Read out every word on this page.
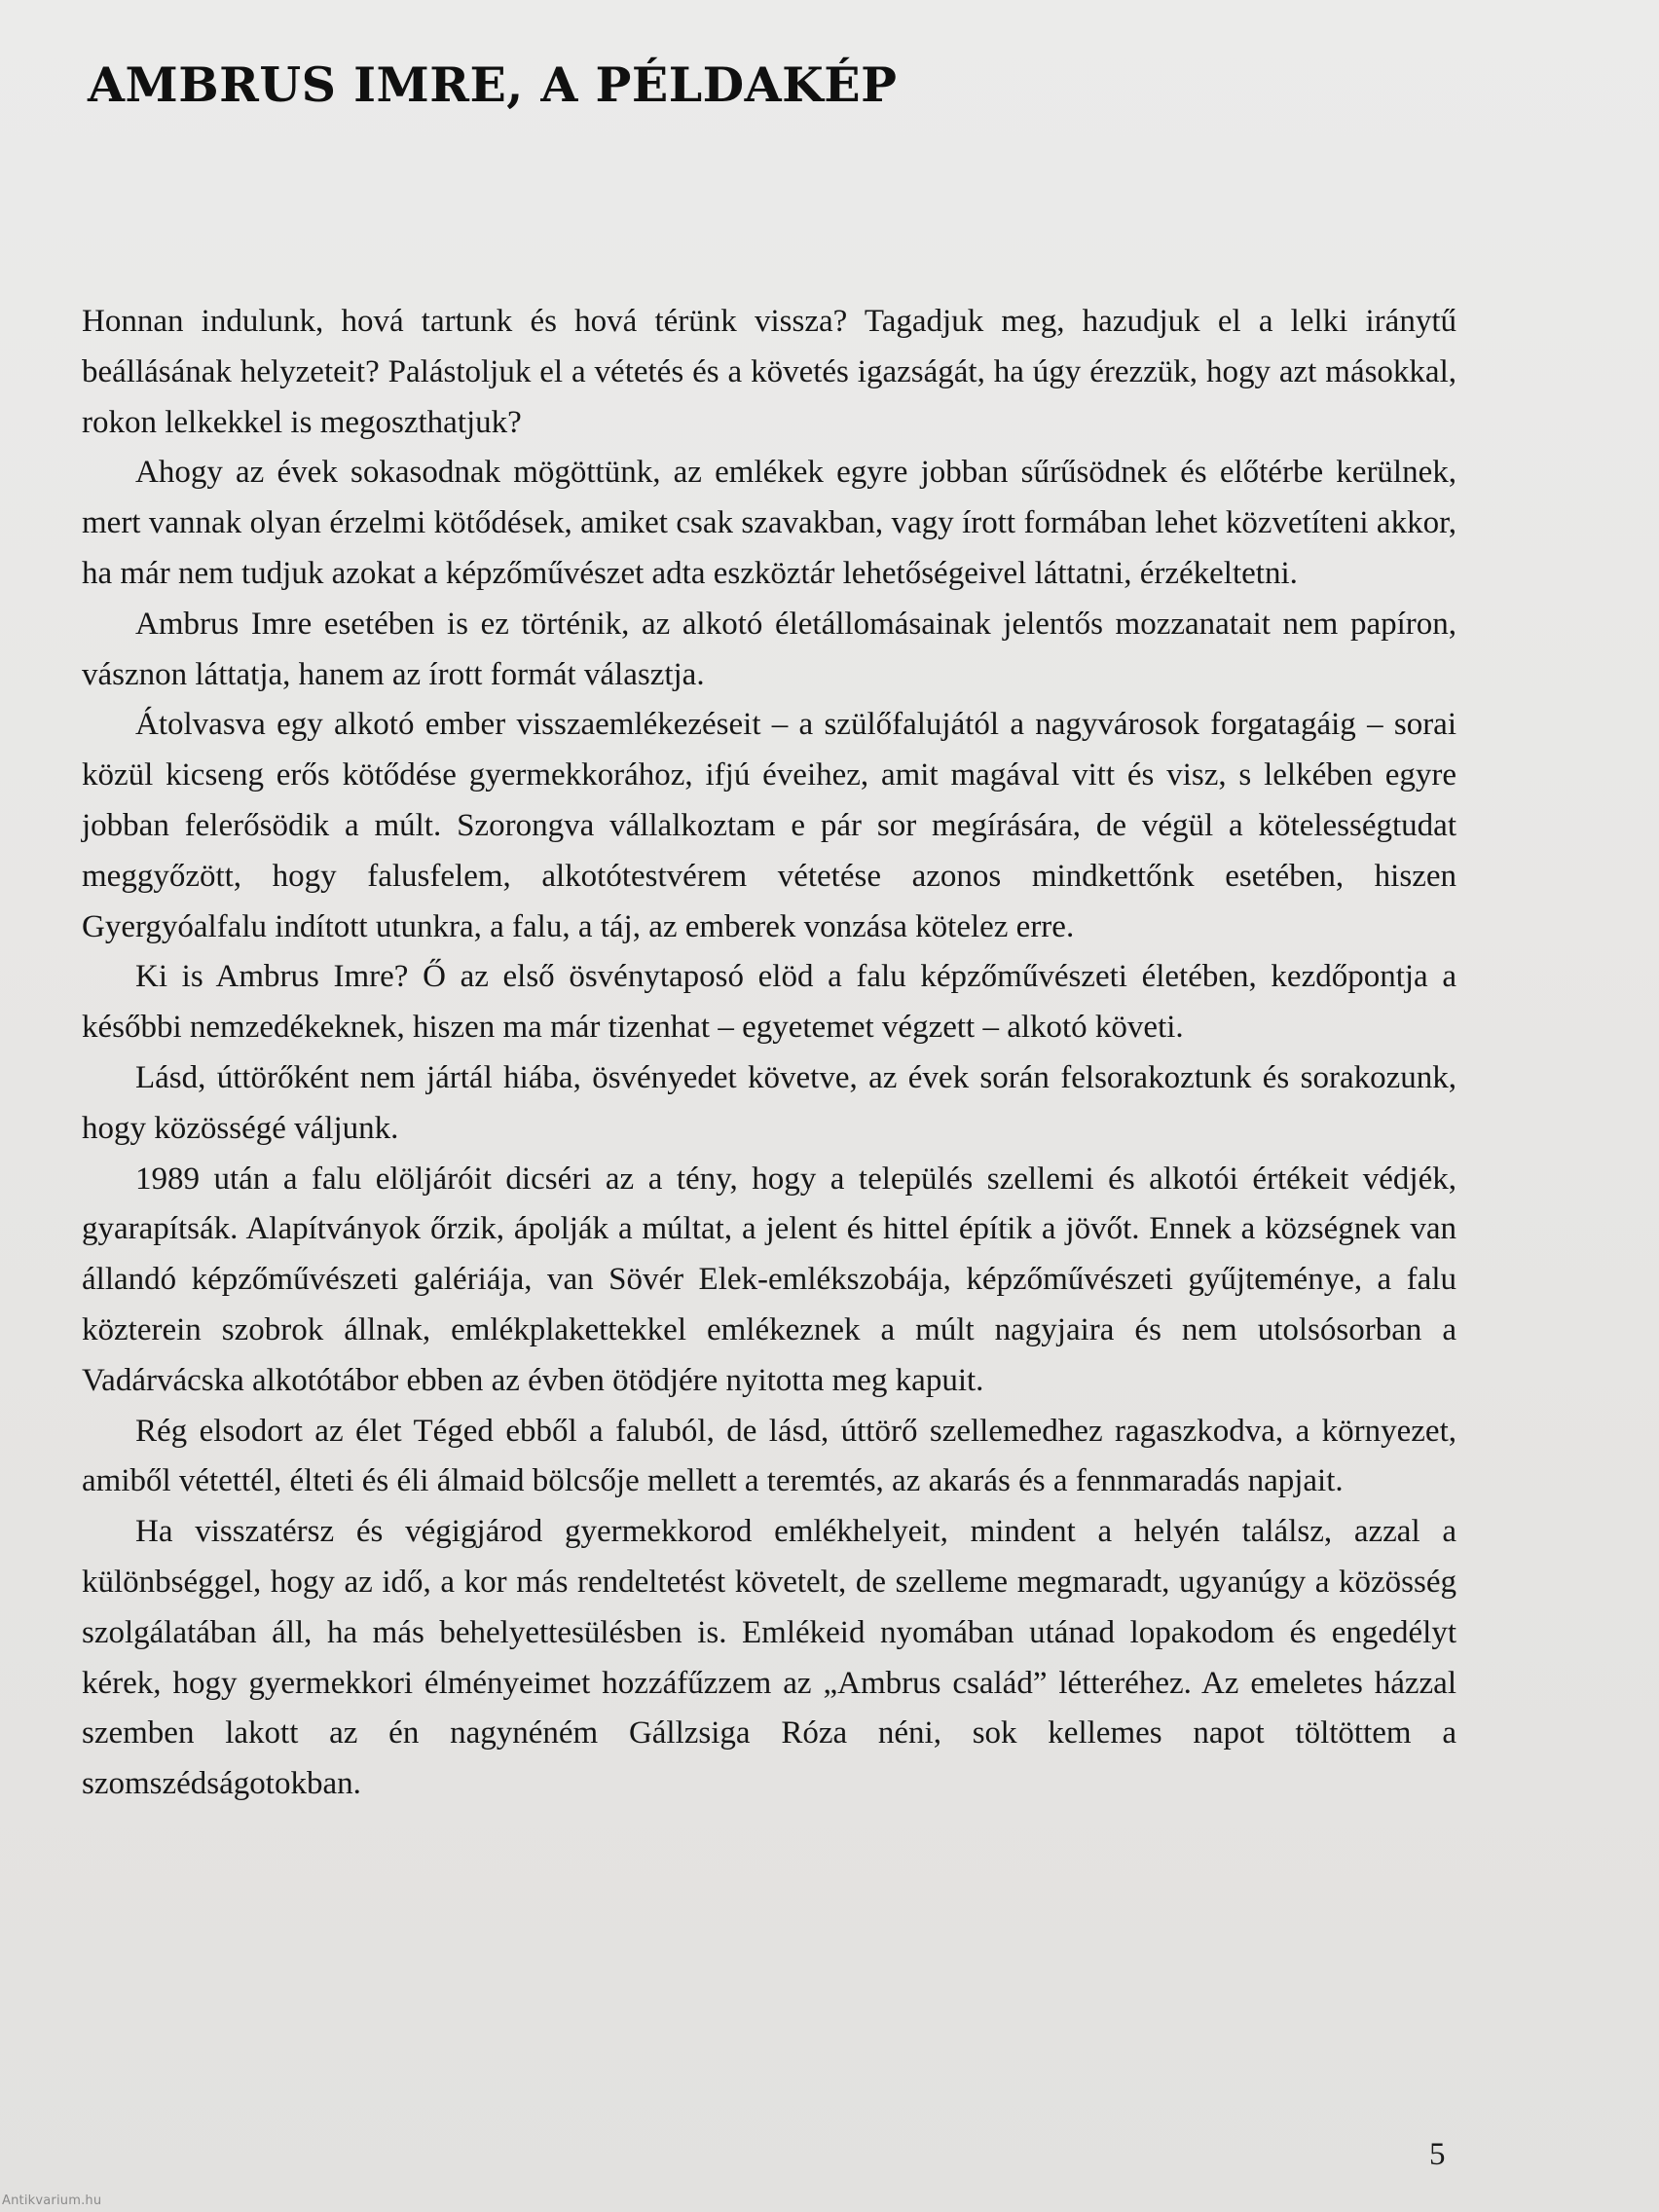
AMBRUS IMRE, A PÉLDAKÉP

Honnan indulunk, hová tartunk és hová térünk vissza? Tagadjuk meg, hazudjuk el a lelki iránytű beállásának helyzeteit? Palástoljuk el a vétetés és a követés igazságát, ha úgy érezzük, hogy azt másokkal, rokon lelkekkel is megoszthatjuk?

Ahogy az évek sokasodnak mögöttünk, az emlékek egyre jobban sűrűsödnek és előtérbe kerülnek, mert vannak olyan érzelmi kötődések, amiket csak szavakban, vagy írott formában lehet közvetíteni akkor, ha már nem tudjuk azokat a képzőművészet adta eszköztár lehetőségeivel láttatni, érzékeltetni.

Ambrus Imre esetében is ez történik, az alkotó életállomásainak jelentős mozzanatait nem papíron, vásznon láttatja, hanem az írott formát választja.

Átolvasva egy alkotó ember visszaemlékezéseit – a szülőfalujától a nagyvárosok forgatagáig – sorai közül kicseng erős kötődése gyermekkorához, ifjú éveihez, amit magával vitt és visz, s lelkében egyre jobban felerősödik a múlt. Szorongva vállalkoztam e pár sor megírására, de végül a kötelességtudat meggyőzött, hogy falusfelem, alkotótestvérem vétetése azonos mindkettőnk esetében, hiszen Gyergyóalfalu indított utunkra, a falu, a táj, az emberek vonzása kötelez erre.

Ki is Ambrus Imre? Ő az első ösvénytaposó elöd a falu képzőművészeti életében, kezdőpontja a későbbi nemzedékeknek, hiszen ma már tizenhat – egyetemet végzett – alkotó követi.

Lásd, úttörőként nem jártál hiába, ösvényedet követve, az évek során felsorakoztunk és sorakozunk, hogy közösségé váljunk.

1989 után a falu elöljáróit dicséri az a tény, hogy a település szellemi és alkotói értékeit védjék, gyarapítsák. Alapítványok őrzik, ápolják a múltat, a jelent és hittel építik a jövőt. Ennek a községnek van állandó képzőművészeti galériája, van Sövér Elek-emlékszobája, képzőművészeti gyűjteménye, a falu közterein szobrok állnak, emlékplakettekkel emlékeznek a múlt nagyjaira és nem utolsósorban a Vadárvácska alkotótábor ebben az évben ötödjére nyitotta meg kapuit.

Rég elsodort az élet Téged ebből a faluból, de lásd, úttörő szellemedhez ragaszkodva, a környezet, amiből vétettél, élteti és éli álmaid bölcsője mellett a teremtés, az akarás és a fennmaradás napjait.

Ha visszatérsz és végigjárod gyermekkorod emlékhelyeit, mindent a helyén találsz, azzal a különbséggel, hogy az idő, a kor más rendeltetést követelt, de szelleme megmaradt, ugyanúgy a közösség szolgálatában áll, ha más behelyettesülésben is. Emlékeid nyomában utánad lopakodom és engedélyt kérek, hogy gyermekkori élményeimet hozzáfűzzem az „Ambrus család” létteréhez. Az emeletes házzal szemben lakott az én nagynéném Gállzsiga Róza néni, sok kellemes napot töltöttem a szomszédságotokban.

5
Antikvarium.hu
